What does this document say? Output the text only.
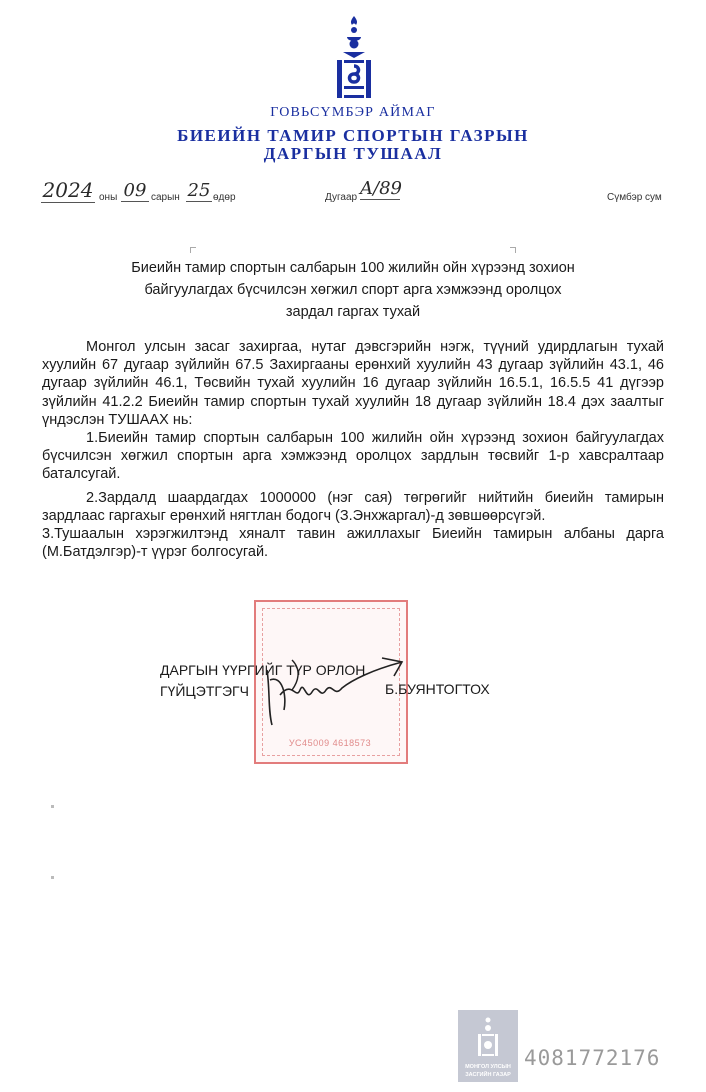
ГОВЬСҮМБЭР АЙМАГ
БИЕИЙН ТАМИР СПОРТЫН ГАЗРЫН
ДАРГЫН ТУШААЛ
2024 оны 09 сарын 25 өдөр	Дугаар A/89	Сүмбэр сум
Биеийн тамир спортын салбарын 100 жилийн ойн хүрээнд зохион
байгуулагдах бүсчилсэн хөгжил спорт арга хэмжээнд оролцох
зардал гаргах тухай

Монгол улсын засаг захиргаа, нутаг дэвсгэрийн нэгж, түүний удирдлагын тухай хуулийн 67 дугаар зүйлийн 67.5 Захиргааны ерөнхий хуулийн 43 дугаар зүйлийн 43.1, 46 дугаар зүйлийн 46.1, Төсвийн тухай хуулийн 16 дугаар зүйлийн 16.5.1, 16.5.5 41 дүгээр зүйлийн 41.2.2 Биеийн тамир спортын тухай хуулийн 18 дугаар зүйлийн 18.4 дэх заалтыг үндэслэн ТУШААХ нь:

1.Биеийн тамир спортын салбарын 100 жилийн ойн хүрээнд зохион байгуулагдах бүсчилсэн хөгжил спортын арга хэмжээнд оролцох зардлын төсвийг 1-р хавсралтаар баталсугай.

2.Зардалд шаардагдах 1000000 (нэг сая) төгрөгийг нийтийн биеийн тамирын зардлаас гаргахыг ерөнхий нягтлан бодогч (З.Энхжаргал)-д зөвшөөрсүгэй.

3.Тушаалын хэрэгжилтэнд хяналт тавин ажиллахыг Биеийн тамирын албаны дарга (М.Батдэлгэр)-т үүрэг болгосугай.

УС45009 4618573
ДАРГЫН ҮҮРГИЙГ ТҮР ОРЛОН
ГҮЙЦЭТГЭГЧ	Б.БУЯНТОГТОХ
МОНГОЛ УЛСЫН
ЗАСГИЙН ГАЗАР
4081772176
